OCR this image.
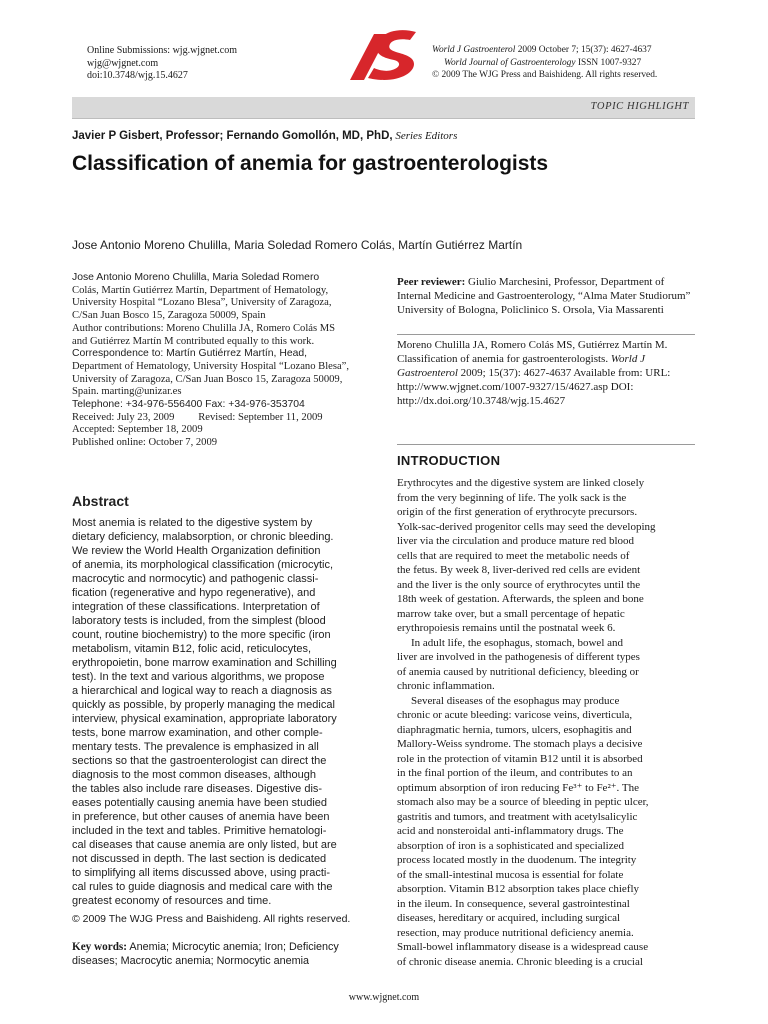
Online Submissions: wjg.wjgnet.com
wjg@wjgnet.com
doi:10.3748/wjg.15.4627
World J Gastroenterol 2009 October 7; 15(37): 4627-4637
World Journal of Gastroenterology ISSN 1007-9327
© 2009 The WJG Press and Baishideng. All rights reserved.
TOPIC HIGHLIGHT
Javier P Gisbert, Professor; Fernando Gomollón, MD, PhD, Series Editors
Classification of anemia for gastroenterologists
Jose Antonio Moreno Chulilla, Maria Soledad Romero Colás, Martín Gutiérrez Martín
Jose Antonio Moreno Chulilla, Maria Soledad Romero
Colás, Martín Gutiérrez Martín, Department of Hematology,
University Hospital “Lozano Blesa”, University of Zaragoza,
C/San Juan Bosco 15, Zaragoza 50009, Spain
Author contributions: Moreno Chulilla JA, Romero Colás MS
and Gutiérrez Martín M contributed equally to this work.
Correspondence to: Martín Gutiérrez Martín, Head,
Department of Hematology, University Hospital “Lozano Blesa”,
University of Zaragoza, C/San Juan Bosco 15, Zaragoza 50009,
Spain. marting@unizar.es
Telephone: +34-976-556400 Fax: +34-976-353704
Received: July 23, 2009         Revised: September 11, 2009
Accepted: September 18, 2009
Published online: October 7, 2009
Abstract
Most anemia is related to the digestive system by
dietary deficiency, malabsorption, or chronic bleeding.
We review the World Health Organization definition
of anemia, its morphological classification (microcytic,
macrocytic and normocytic) and pathogenic classi-
fication (regenerative and hypo regenerative), and
integration of these classifications. Interpretation of
laboratory tests is included, from the simplest (blood
count, routine biochemistry) to the more specific (iron
metabolism, vitamin B12, folic acid, reticulocytes,
erythropoietin, bone marrow examination and Schilling
test). In the text and various algorithms, we propose
a hierarchical and logical way to reach a diagnosis as
quickly as possible, by properly managing the medical
interview, physical examination, appropriate laboratory
tests, bone marrow examination, and other comple-
mentary tests. The prevalence is emphasized in all
sections so that the gastroenterologist can direct the
diagnosis to the most common diseases, although
the tables also include rare diseases. Digestive dis-
eases potentially causing anemia have been studied
in preference, but other causes of anemia have been
included in the text and tables. Primitive hematologi-
cal diseases that cause anemia are only listed, but are
not discussed in depth. The last section is dedicated
to simplifying all items discussed above, using practi-
cal rules to guide diagnosis and medical care with the
greatest economy of resources and time.
© 2009 The WJG Press and Baishideng. All rights reserved.
Key words: Anemia; Microcytic anemia; Iron; Deficiency diseases; Macrocytic anemia; Normocytic anemia
Peer reviewer: Giulio Marchesini, Professor, Department of Internal Medicine and Gastroenterology, “Alma Mater Studiorum” University of Bologna, Policlinico S. Orsola, Via Massarenti
Moreno Chulilla JA, Romero Colás MS, Gutiérrez Martín M. Classification of anemia for gastroenterologists. World J Gastroenterol 2009; 15(37): 4627-4637 Available from: URL: http://www.wjgnet.com/1007-9327/15/4627.asp DOI: http://dx.doi.org/10.3748/wjg.15.4627
INTRODUCTION

Erythrocytes and the digestive system are linked closely
from the very beginning of life. The yolk sack is the
origin of the first generation of erythrocyte precursors.
Yolk-sac-derived progenitor cells may seed the developing
liver via the circulation and produce mature red blood
cells that are required to meet the metabolic needs of
the fetus. By week 8, liver-derived red cells are evident
and the liver is the only source of erythrocytes until the
18th week of gestation. Afterwards, the spleen and bone
marrow take over, but a small percentage of hepatic
erythropoiesis remains until the postnatal week 6.

In adult life, the esophagus, stomach, bowel and
liver are involved in the pathogenesis of different types
of anemia caused by nutritional deficiency, bleeding or
chronic inflammation.

Several diseases of the esophagus may produce
chronic or acute bleeding: varicose veins, diverticula,
diaphragmatic hernia, tumors, ulcers, esophagitis and
Mallory-Weiss syndrome. The stomach plays a decisive
role in the protection of vitamin B12 until it is absorbed
in the final portion of the ileum, and contributes to an
optimum absorption of iron reducing Fe³⁺ to Fe²⁺. The
stomach also may be a source of bleeding in peptic ulcer,
gastritis and tumors, and treatment with acetylsalicylic
acid and nonsteroidal anti-inflammatory drugs. The
absorption of iron is a sophisticated and specialized
process located mostly in the duodenum. The integrity
of the small-intestinal mucosa is essential for folate
absorption. Vitamin B12 absorption takes place chiefly
in the ileum. In consequence, several gastrointestinal
diseases, hereditary or acquired, including surgical
resection, may produce nutritional deficiency anemia.
Small-bowel inflammatory disease is a widespread cause
of chronic disease anemia. Chronic bleeding is a crucial

www.wjgnet.com
